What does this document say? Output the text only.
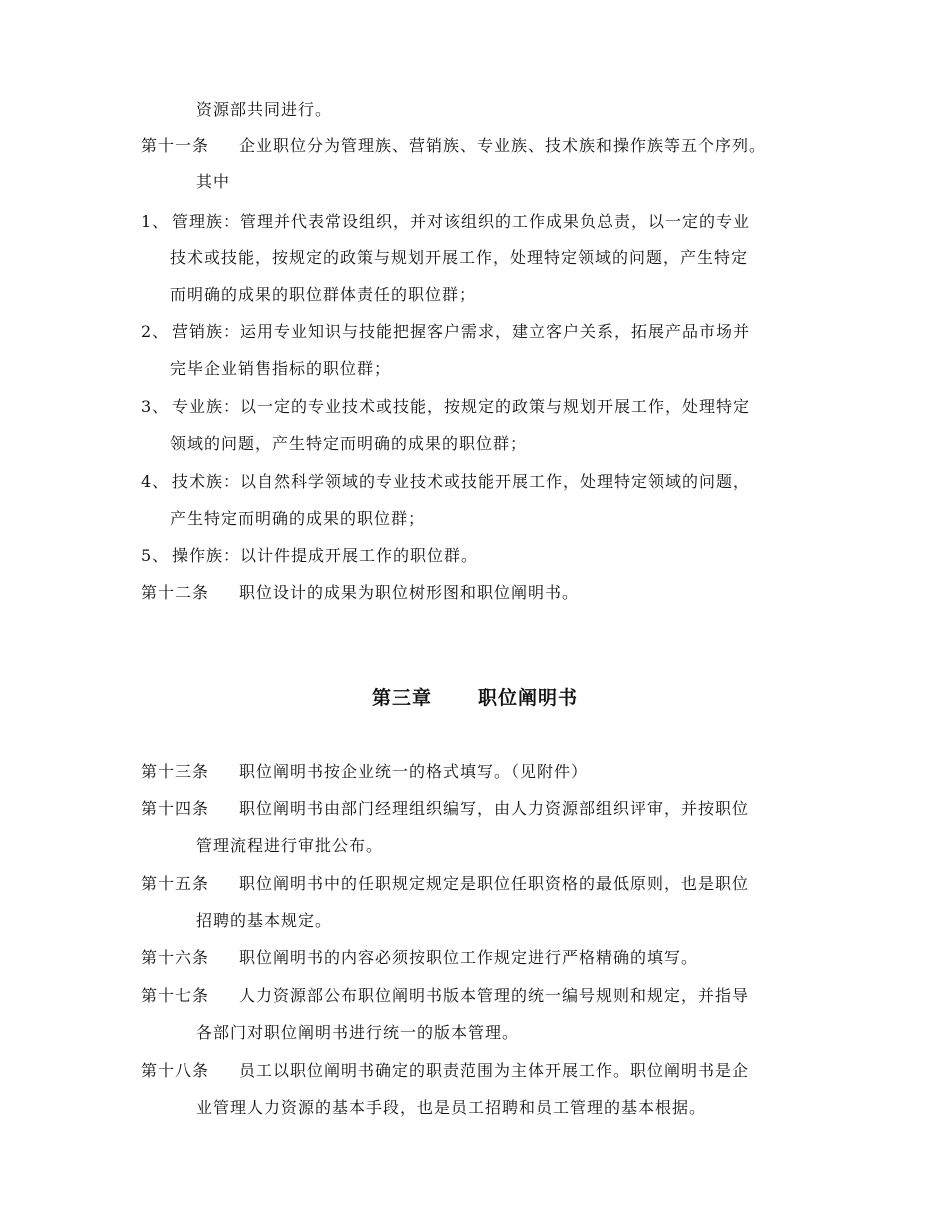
资源部共同进行。
第十一条 企业职位分为管理族、营销族、专业族、技术族和操作族等五个序列。
其中
1、 管理族：管理并代表常设组织，并对该组织的工作成果负总责，以一定的专业
技术或技能，按规定的政策与规划开展工作，处理特定领域的问题，产生特定
而明确的成果的职位群体责任的职位群；
2、 营销族：运用专业知识与技能把握客户需求，建立客户关系，拓展产品市场并
完毕企业销售指标的职位群；
3、 专业族：以一定的专业技术或技能，按规定的政策与规划开展工作，处理特定
领域的问题，产生特定而明确的成果的职位群；
4、 技术族：以自然科学领域的专业技术或技能开展工作，处理特定领域的问题，
产生特定而明确的成果的职位群；
5、 操作族：以计件提成开展工作的职位群。
第十二条 职位设计的成果为职位树形图和职位阐明书。
第三章 职位阐明书
第十三条 职位阐明书按企业统一的格式填写。（见附件）
第十四条 职位阐明书由部门经理组织编写，由人力资源部组织评审，并按职位
管理流程进行审批公布。
第十五条 职位阐明书中的任职规定规定是职位任职资格的最低原则，也是职位
招聘的基本规定。
第十六条 职位阐明书的内容必须按职位工作规定进行严格精确的填写。
第十七条 人力资源部公布职位阐明书版本管理的统一编号规则和规定，并指导
各部门对职位阐明书进行统一的版本管理。
第十八条 员工以职位阐明书确定的职责范围为主体开展工作。职位阐明书是企
业管理人力资源的基本手段，也是员工招聘和员工管理的基本根据。
